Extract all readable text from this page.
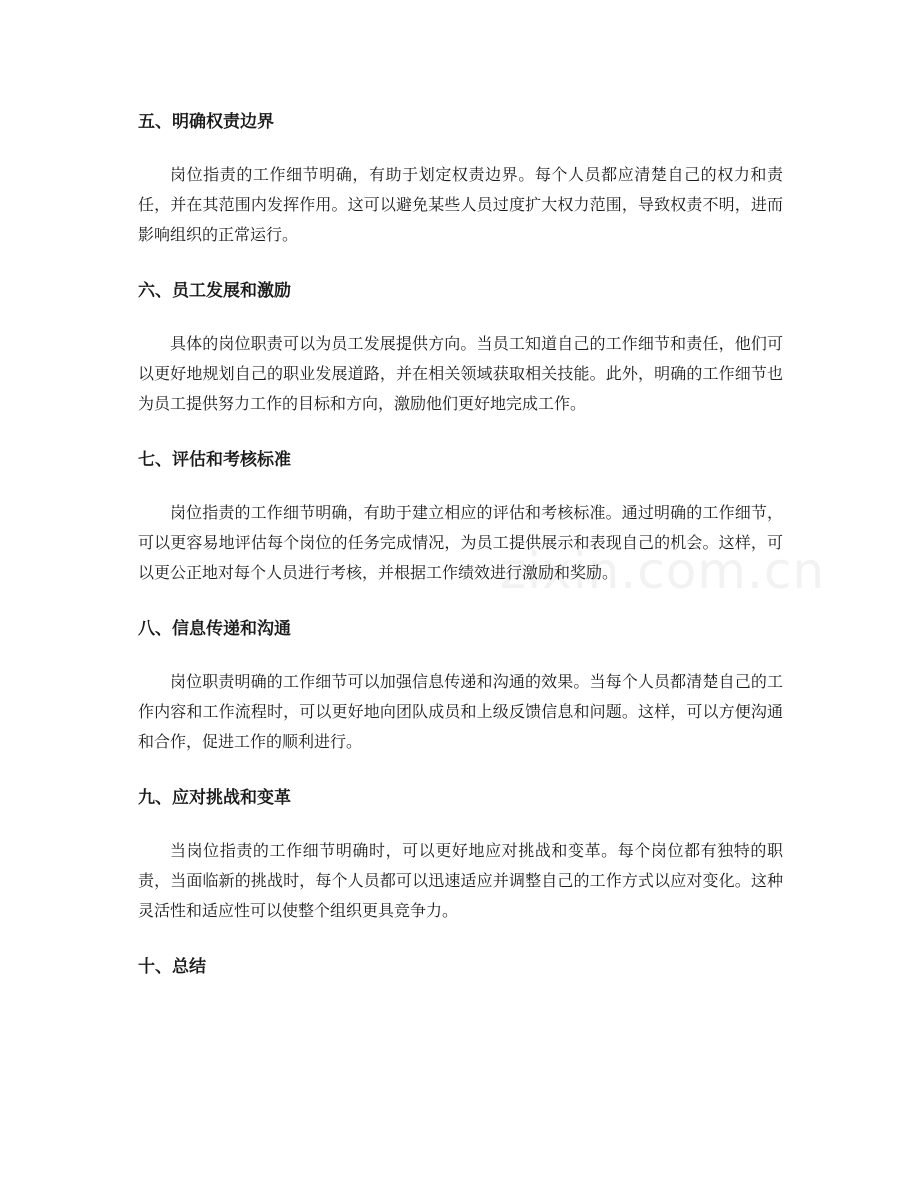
zixin.com.cn
五、明确权责边界

岗位指责的工作细节明确，有助于划定权责边界。每个人员都应清楚自己的权力和责任，并在其范围内发挥作用。这可以避免某些人员过度扩大权力范围，导致权责不明，进而影响组织的正常运行。

六、员工发展和激励

具体的岗位职责可以为员工发展提供方向。当员工知道自己的工作细节和责任，他们可以更好地规划自己的职业发展道路，并在相关领域获取相关技能。此外，明确的工作细节也为员工提供努力工作的目标和方向，激励他们更好地完成工作。

七、评估和考核标准

岗位指责的工作细节明确，有助于建立相应的评估和考核标准。通过明确的工作细节，可以更容易地评估每个岗位的任务完成情况，为员工提供展示和表现自己的机会。这样，可以更公正地对每个人员进行考核，并根据工作绩效进行激励和奖励。

八、信息传递和沟通

岗位职责明确的工作细节可以加强信息传递和沟通的效果。当每个人员都清楚自己的工作内容和工作流程时，可以更好地向团队成员和上级反馈信息和问题。这样，可以方便沟通和合作，促进工作的顺利进行。

九、应对挑战和变革

当岗位指责的工作细节明确时，可以更好地应对挑战和变革。每个岗位都有独特的职责，当面临新的挑战时，每个人员都可以迅速适应并调整自己的工作方式以应对变化。这种灵活性和适应性可以使整个组织更具竞争力。

十、总结
